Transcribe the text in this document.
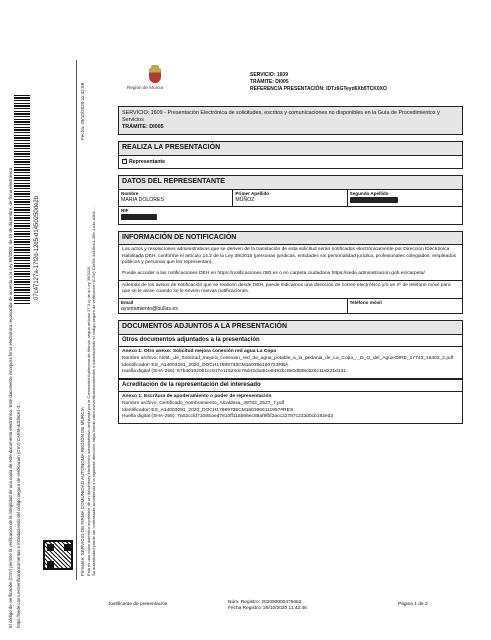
El código de verificación (CSV) permite la verificación de la integridad de una copia de este documento electrónico. Este documento incorpora firma electrónica reconocida de acuerdo a la Ley 59/2003, de 19 de diciembre, de firma electrónica. https://sede.carm.es/verificardocumentos e introduciendo del código seguro de verificación (CSV) CARM-4d1f8ce1-3...
07c47127a-17f2d-12d5-d1450250de2b
Firmante: SERVICIO DE FIRMA COMUNIDAD AUTÓNOMA REGIÓN DE MURCIA Esta es una copia auténtica imprimible de un documento electrónico administrativo archivado por la Comunidad Autónoma de Murcia, según artículo 27.3.c) de la Ley 39/2015. Su autenticidad puede ser contrastada accediendo a la siguiente dirección: https://sede.carm.es/verificardocumentos e introduciendo el código seguro de verificación (CSV) CARM-4d1f8ce1-3f9c-1a4e-a0b5-...
Fecha: 29/10/2020 11:42:59	Región de Murcia
SERVICIO: 1609
TRÁMITE: DI005
REFERENCIA PRESENTACIÓN: lDTz6GTeyd6Xb5TCK0XO
SERVICIO: 1609 - Presentación Electrónica de solicitudes, escritos y comunicaciones no disponibles en la Guía de Procedimientos y Servicios
TRÁMITE: DI005
REALIZA LA PRESENTACIÓN
✓Representante
DATOS DEL REPRESENTANTE
Nombre
MARIA DOLORES
Primer Apellido
MUÑOZ
Segundo Apellido
NIF
INFORMACIÓN DE NOTIFICACIÓN
Los actos y resoluciones administrativas que se deriven de la tramitación de esta solicitud serán notificados electrónicamente por Dirección Electrónica Habilitada DEH, conforme el artículo 14.2 de la Ley 39/2015 (personas jurídicas, entidades sin personalidad jurídica, profesionales colegiados, empleados públicos y personas que les representan).
Puede acceder a las notificaciones DEH en https://notificaciones.060.es o en carpeta ciudadana https://sede.administracion.gob.es/carpeta/
Además de los avisos de notificación que se realicen desde DEH, puede indicarnos una dirección de correo electrónico y/o un nº de teléfono móvil para que se le avise cuando se le envíen nuevas notificaciones.
Email
ayuntamiento@bullas.es
Teléfono móvil
DOCUMENTOS ADJUNTOS A LA PRESENTACIÓN
Otros documentos adjuntados a la presentación
Anexo 1: Otro anexo: Solicitud mejora conexión red agua La Copa
Nombre archivo: Notif._de_Solicitud_mejora_conexion_red_de_agua_potable_a_la_pedania_de_La_Copa_-_D_G_del_Agua-DIRE_17743_16402_2.pdf
Identificador: ES_A14003291_2020_DOCH17989733CM160396150723RBA
Huella digital (SHA-256): 67b401020b1cc917e11524dc76d43cba51e9492bc8e0d938cb26c118221d131
Acreditación de la representación del interesado
Anexo 1: Escritura de apoderamiento o poder de representación
Nombre archivo: Certificado_nombramiento_Alcaldesa_39762_2527_7.pdf
Identificador: ES_A14003291_2020_DOCH17989735CM1603966111957#RES
Huella digital (SHA-256): 7a02ccfd7108Saed7810ff115b66ec88af9fbf2acc22787c233d0cb192ed3
Justificante de presentación	Núm. Registro: 202090000475662
Fecha Registro: 29/10/2020 11:42:46
Página 1 de 2
